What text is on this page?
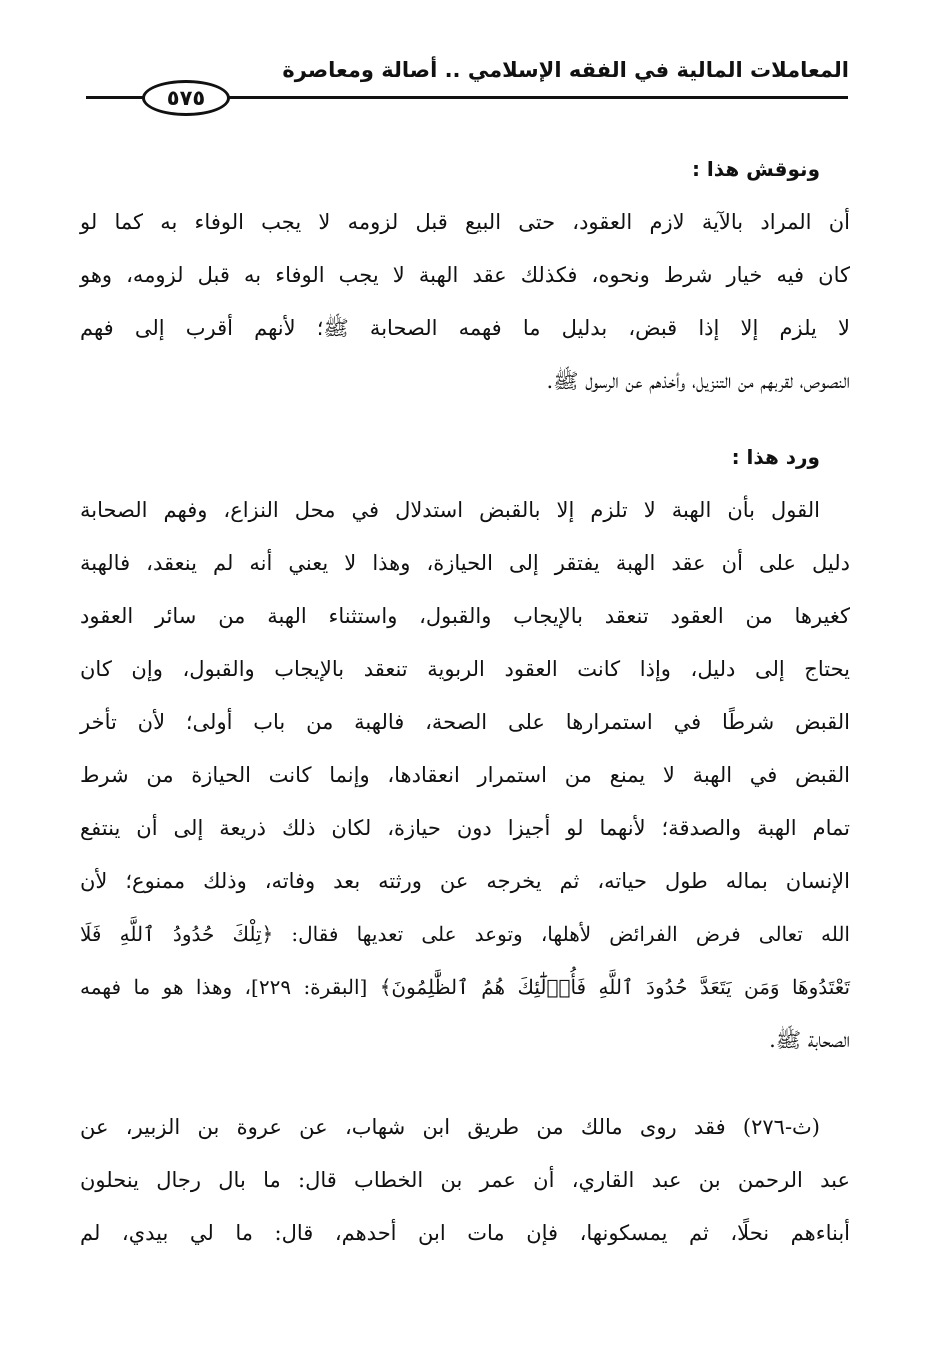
المعاملات المالية في الفقه الإسلامي .. أصالة ومعاصرة
٥٧٥
ونوقش هذا :
أن المراد بالآية لازم العقود، حتى البيع قبل لزومه لا يجب الوفاء به كما لو
كان فيه خيار شرط ونحوه، فكذلك عقد الهبة لا يجب الوفاء به قبل لزومه، وهو
لا يلزم إلا إذا قبض، بدليل ما فهمه الصحابة ﷺ؛ لأنهم أقرب إلى فهم
النصوص، لقربهم من التنزيل، وأخذهم عن الرسول ﷺ.
ورد هذا :
القول بأن الهبة لا تلزم إلا بالقبض استدلال في محل النزاع، وفهم الصحابة
دليل على أن عقد الهبة يفتقر إلى الحيازة، وهذا لا يعني أنه لم ينعقد، فالهبة
كغيرها من العقود تنعقد بالإيجاب والقبول، واستثناء الهبة من سائر العقود
يحتاج إلى دليل، وإذا كانت العقود الربوية تنعقد بالإيجاب والقبول، وإن كان
القبض شرطًا في استمرارها على الصحة، فالهبة من باب أولى؛ لأن تأخر
القبض في الهبة لا يمنع من استمرار انعقادها، وإنما كانت الحيازة من شرط
تمام الهبة والصدقة؛ لأنهما لو أجيزا دون حيازة، لكان ذلك ذريعة إلى أن ينتفع
الإنسان بماله طول حياته، ثم يخرجه عن ورثته بعد وفاته، وذلك ممنوع؛ لأن
الله تعالى فرض الفرائض لأهلها، وتوعد على تعديها فقال: ﴿تِلْكَ حُدُودُ ٱللَّهِ فَلَا
تَعْتَدُوهَا وَمَن يَتَعَدَّ حُدُودَ ٱللَّهِ فَأُو۟لَٰٓئِكَ هُمُ ٱلظَّٰلِمُونَ﴾ [البقرة: ٢٢٩]، وهذا هو ما فهمه
الصحابة ﷺ.
(ث-٢٧٦) فقد روى مالك من طريق ابن شهاب، عن عروة بن الزبير، عن
عبد الرحمن بن عبد القاري، أن عمر بن الخطاب قال: ما بال رجال ينحلون
أبناءهم نحلًا، ثم يمسكونها، فإن مات ابن أحدهم، قال: ما لي بيدي، لم
